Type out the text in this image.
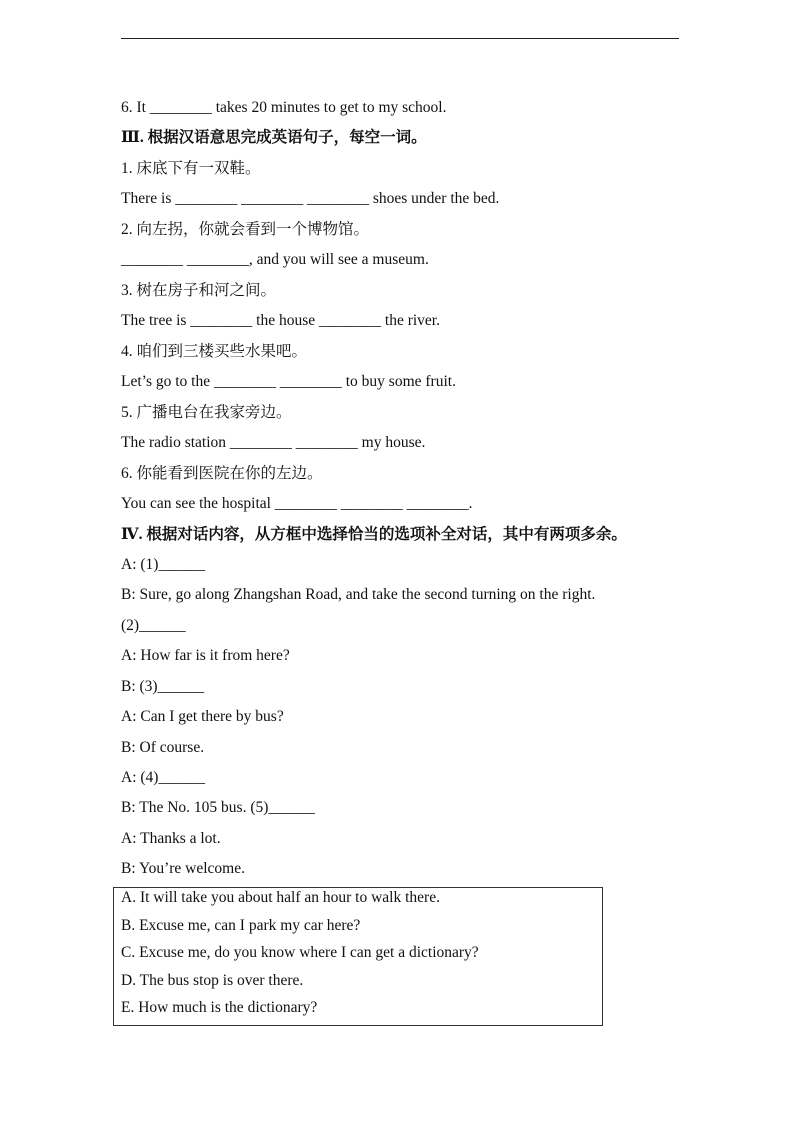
6. It ________ takes 20 minutes to get to my school.
Ⅲ. 根据汉语意思完成英语句子，每空一词。
1. 床底下有一双鞋。
There is ________ ________ ________ shoes under the bed.
2. 向左拐，你就会看到一个博物馆。
________ ________, and you will see a museum.
3. 树在房子和河之间。
The tree is ________ the house ________ the river.
4. 咱们到三楼买些水果吧。
Let’s go to the ________ ________ to buy some fruit.
5. 广播电台在我家旁边。
The radio station ________ ________ my house.
6. 你能看到医院在你的左边。
You can see the hospital ________ ________ ________.
Ⅳ. 根据对话内容，从方框中选择恰当的选项补全对话，其中有两项多余。
A: (1)______
B: Sure, go along Zhangshan Road, and take the second turning on the right.
(2)______
A: How far is it from here?
B: (3)______
A: Can I get there by bus?
B: Of course.
A: (4)______
B: The No. 105 bus. (5)______
A: Thanks a lot.
B: You’re welcome.
A. It will take you about half an hour to walk there.
B. Excuse me, can I park my car here?
C. Excuse me, do you know where I can get a dictionary?
D. The bus stop is over there.
E. How much is the dictionary?
